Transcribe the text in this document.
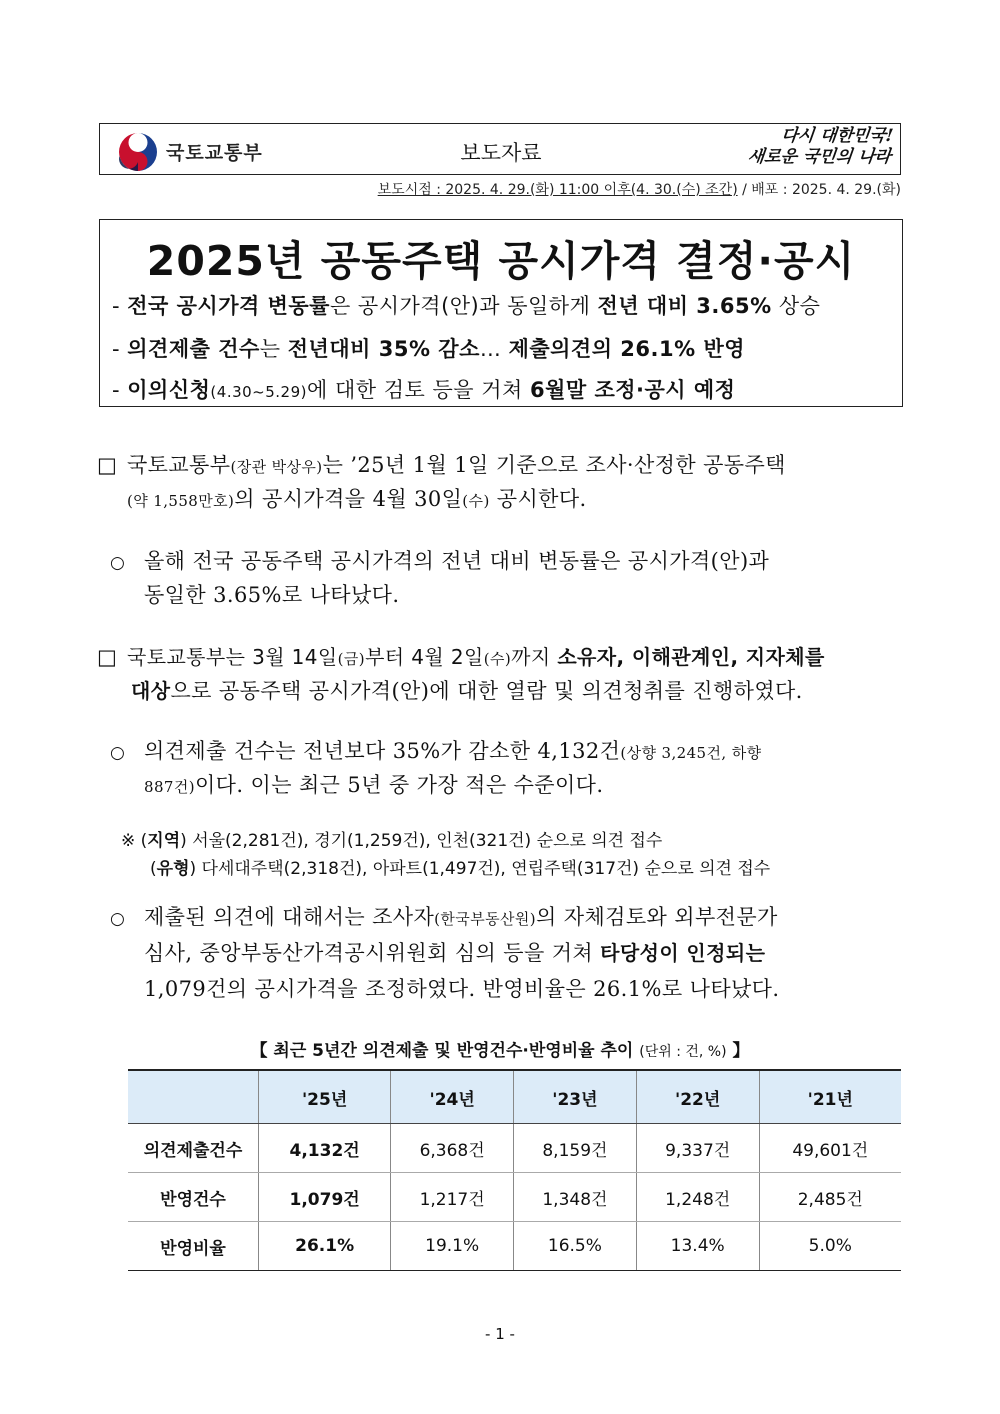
국토교통부	보도자료
다시 대한민국!
새로운 국민의 나라
보도시점 : 2025. 4. 29.(화) 11:00 이후(4. 30.(수) 조간) / 배포 : 2025. 4. 29.(화)
2025년 공동주택 공시가격 결정·공시
- 전국 공시가격 변동률은 공시가격(안)과 동일하게 전년 대비 3.65% 상승
- 의견제출 건수는 전년대비 35% 감소… 제출의견의 26.1% 반영
- 이의신청(4.30~5.29)에 대한 검토 등을 거쳐 6월말 조정·공시 예정
□ 국토교통부(장관 박상우)는 ’25년 1월 1일 기준으로 조사·산정한 공동주택
(약 1,558만호)의 공시가격을 4월 30일(수) 공시한다.
○ 올해 전국 공동주택 공시가격의 전년 대비 변동률은 공시가격(안)과
동일한 3.65%로 나타났다.
□ 국토교통부는 3월 14일(금)부터 4월 2일(수)까지 소유자, 이해관계인, 지자체를
대상으로 공동주택 공시가격(안)에 대한 열람 및 의견청취를 진행하였다.
○ 의견제출 건수는 전년보다 35%가 감소한 4,132건(상향 3,245건, 하향
887건)이다. 이는 최근 5년 중 가장 적은 수준이다.
※ (지역) 서울(2,281건), 경기(1,259건), 인천(321건) 순으로 의견 접수
(유형) 다세대주택(2,318건), 아파트(1,497건), 연립주택(317건) 순으로 의견 접수
○ 제출된 의견에 대해서는 조사자(한국부동산원)의 자체검토와 외부전문가
심사, 중앙부동산가격공시위원회 심의 등을 거쳐 타당성이 인정되는
1,079건의 공시가격을 조정하였다. 반영비율은 26.1%로 나타났다.
【 최근 5년간 의견제출 및 반영건수·반영비율 추이 (단위 : 건, %) 】
	'25년	'24년	'23년	'22년	'21년
의견제출건수	4,132건	6,368건	8,159건	9,337건	49,601건
반영건수	1,079건	1,217건	1,348건	1,248건	2,485건
반영비율	26.1%	19.1%	16.5%	13.4%	5.0%
- 1 -
